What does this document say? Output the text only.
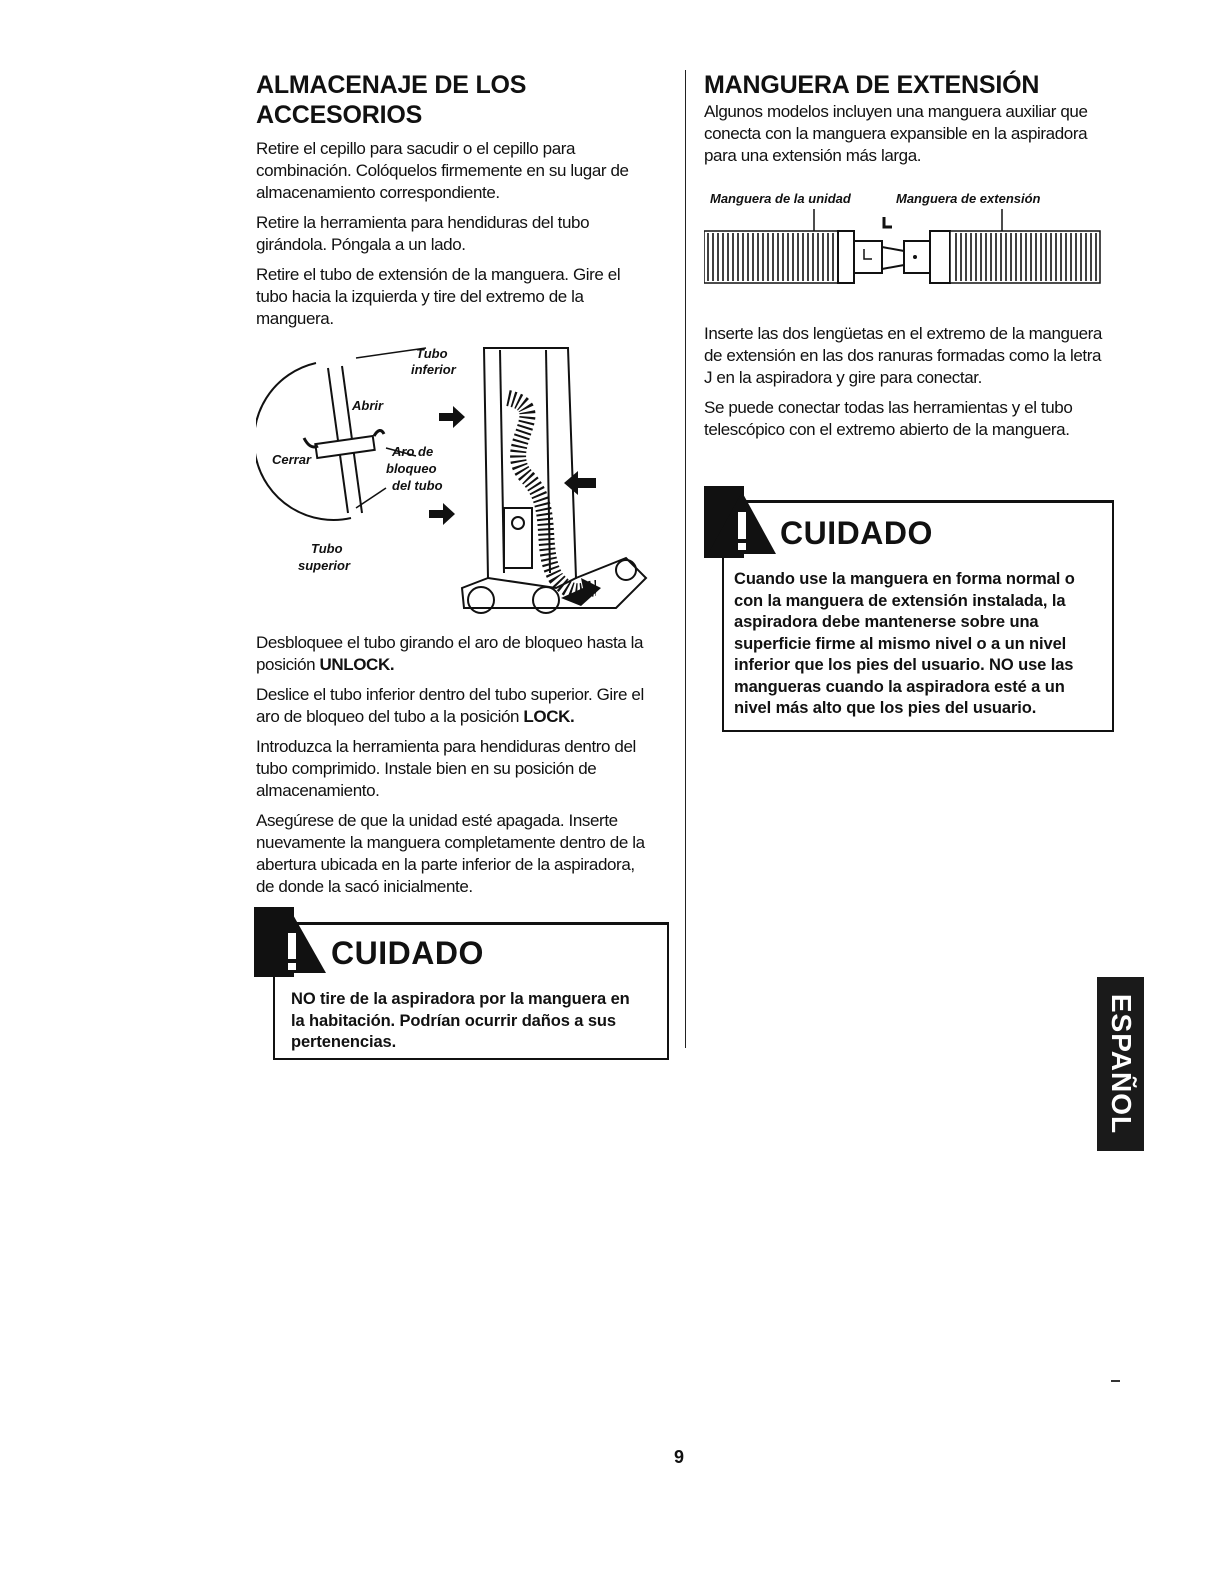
ALMACENAJE DE LOS
ACCESORIOS

Retire el cepillo para sacudir o el cepillo para combinación. Colóquelos firmemente en su lugar de almacenamiento correspondiente.

Retire la herramienta para hendiduras del tubo girándola. Póngala a un lado.

Retire el tubo de extensión de la manguera. Gire el tubo hacia la izquierda y tire del extremo de la manguera.

Tubo
inferior
Abrir
Cerrar
Aro de
bloqueo
del tubo
Tubo
superior

Desbloquee el tubo girando el aro de bloqueo hasta la posición UNLOCK.

Deslice el tubo inferior dentro del tubo superior. Gire el aro de bloqueo del tubo a la posición LOCK.

Introduzca la herramienta para hendiduras dentro del tubo comprimido. Instale bien en su posición de almacenamiento.

Asegúrese de que la unidad esté apagada. Inserte nuevamente la manguera completamente dentro de la abertura ubicada en la parte inferior de la aspiradora, de donde la sacó inicialmente.

CUIDADO
NO tire de la aspiradora por la manguera en la habitación. Podrían ocurrir daños a sus pertenencias.
MANGUERA DE EXTENSIÓN

Algunos modelos incluyen una manguera auxiliar que conecta con la manguera expansible en la aspiradora para una extensión más larga.

Manguera de la unidad	Manguera de extensión

Inserte las dos lengüetas en el extremo de la manguera de extensión en las dos ranuras formadas como la letra J en la aspiradora y gire para conectar.

Se puede conectar todas las herramientas y el tubo telescópico con el extremo abierto de la manguera.

CUIDADO
Cuando use la manguera en forma normal o con la manguera de extensión instalada, la aspiradora debe mantenerse sobre una superficie firme al mismo nivel o a un nivel inferior que los pies del usuario. NO use las mangueras cuando la aspiradora esté a un nivel más alto que los pies del usuario.
ESPAÑOL
9
